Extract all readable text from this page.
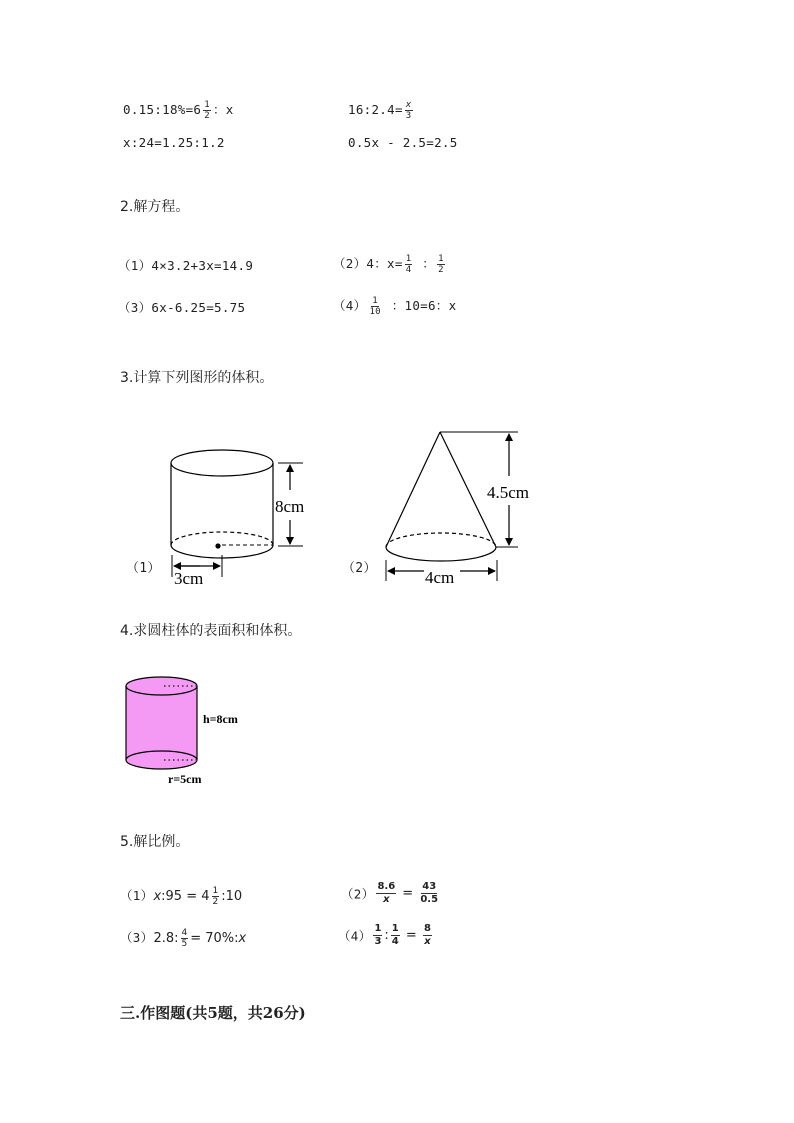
0.15:18%=6 $\frac{1}{2}$ ：x	16:2.4= $\frac{x}{3}$
x:24=1.25:1.2	0.5x - 2.5=2.5
2.解方程。
（1）4×3.2+3x=14.9	（2）4：$x= \frac{1}{4}$ ： $\frac{1}{2}$
（3）6x-6.25=5.75	$(4) \frac{1}{10}$ ：10=6：x
3.计算下列图形的体积。
8cm
3cm
4.5cm
4cm
h=8cm
r=5cm
（1）	（2）
4.求圆柱体的表面积和体积。
5.解比例。
（1）x:95 = $4 \frac{1}{2}$ :10	$(2) \frac{8.6}{x} = \frac{43}{0.5}$
（3）2.8: $\frac{4}{5}$ = 70%:x	$(4) \frac{1}{3}$ : $\frac{1}{4} = \frac{8}{x}$
三.作图题(共5题，共26分)
